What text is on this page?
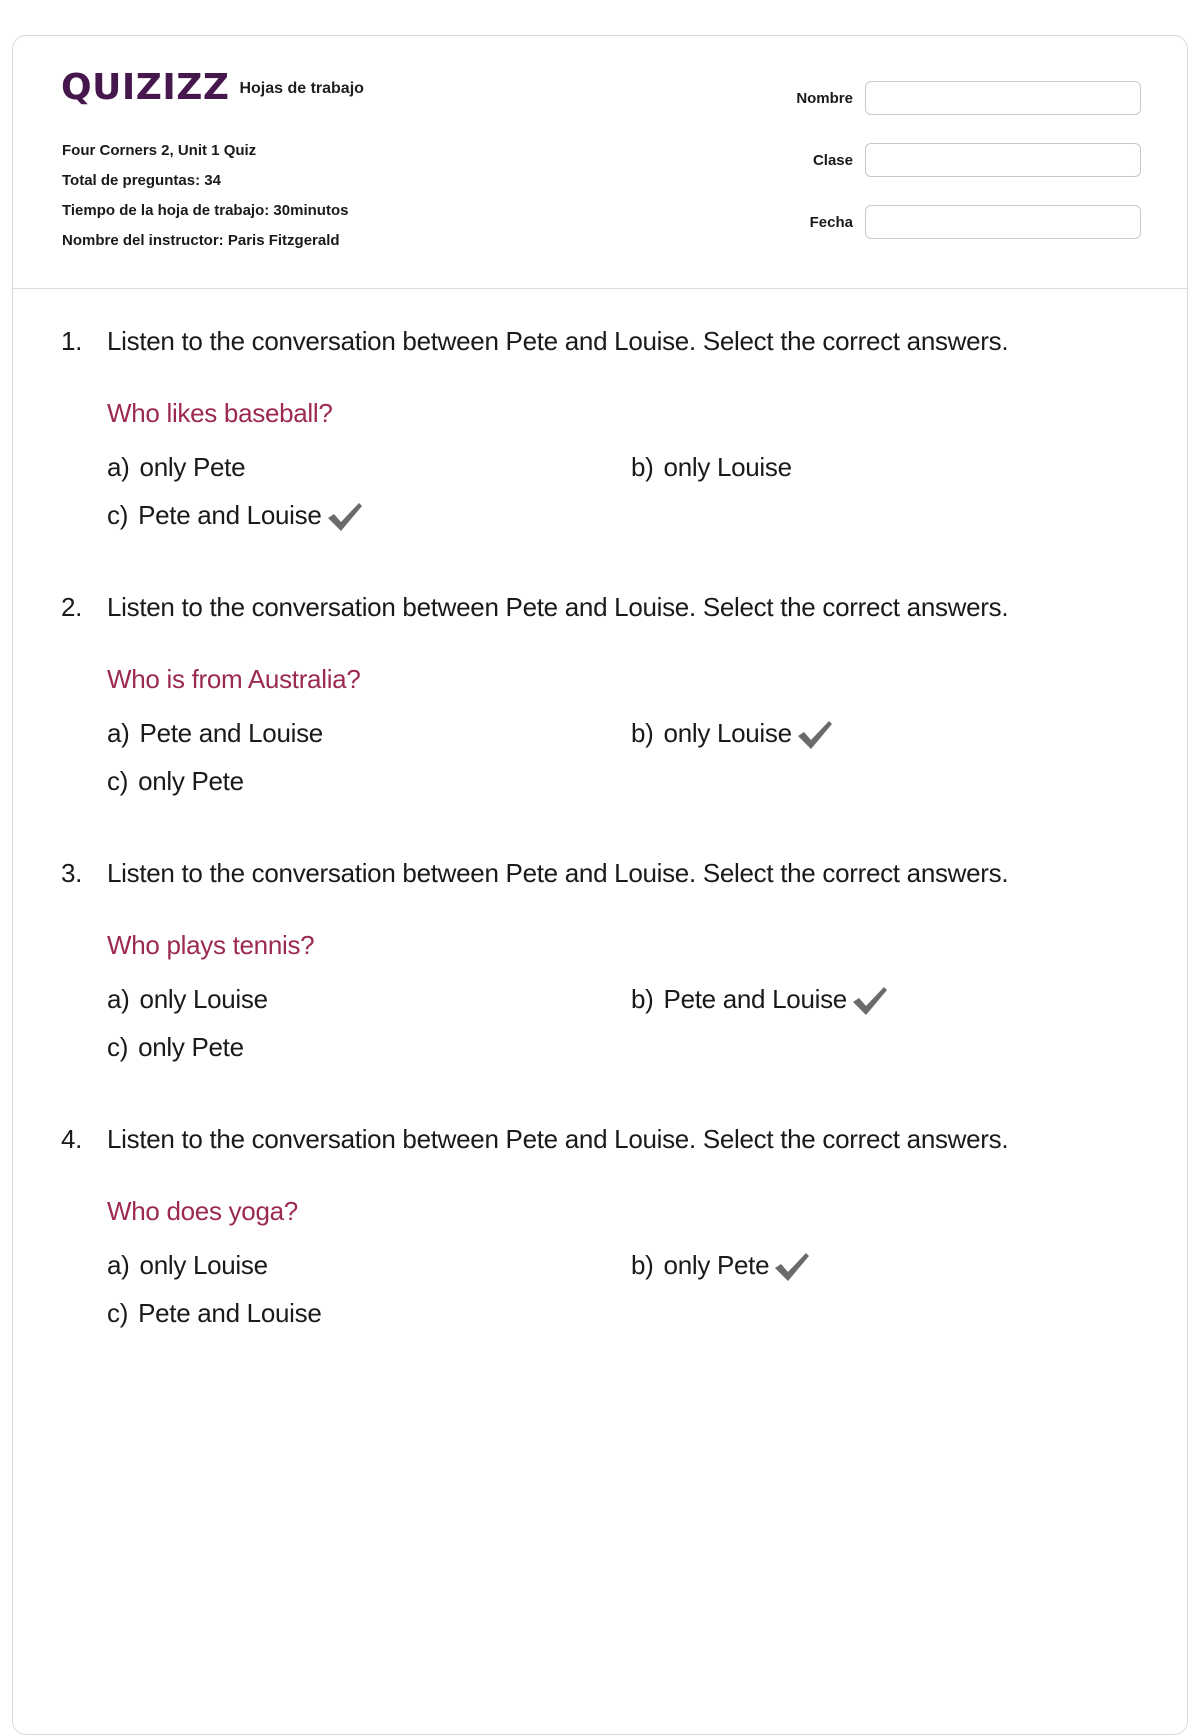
QUIZIZZ Hojas de trabajo
Four Corners 2, Unit 1 Quiz
Total de preguntas: 34
Tiempo de la hoja de trabajo: 30minutos
Nombre del instructor: Paris Fitzgerald
Nombre
Clase
Fecha
1. Listen to the conversation between Pete and Louise. Select the correct answers.
Who likes baseball?
a) only Pete	b) only Louise
c) Pete and Louise
2. Listen to the conversation between Pete and Louise. Select the correct answers.
Who is from Australia?
a) Pete and Louise	b) only Louise
c) only Pete
3. Listen to the conversation between Pete and Louise. Select the correct answers.
Who plays tennis?
a) only Louise	b) Pete and Louise
c) only Pete
4. Listen to the conversation between Pete and Louise. Select the correct answers.
Who does yoga?
a) only Louise	b) only Pete
c) Pete and Louise
